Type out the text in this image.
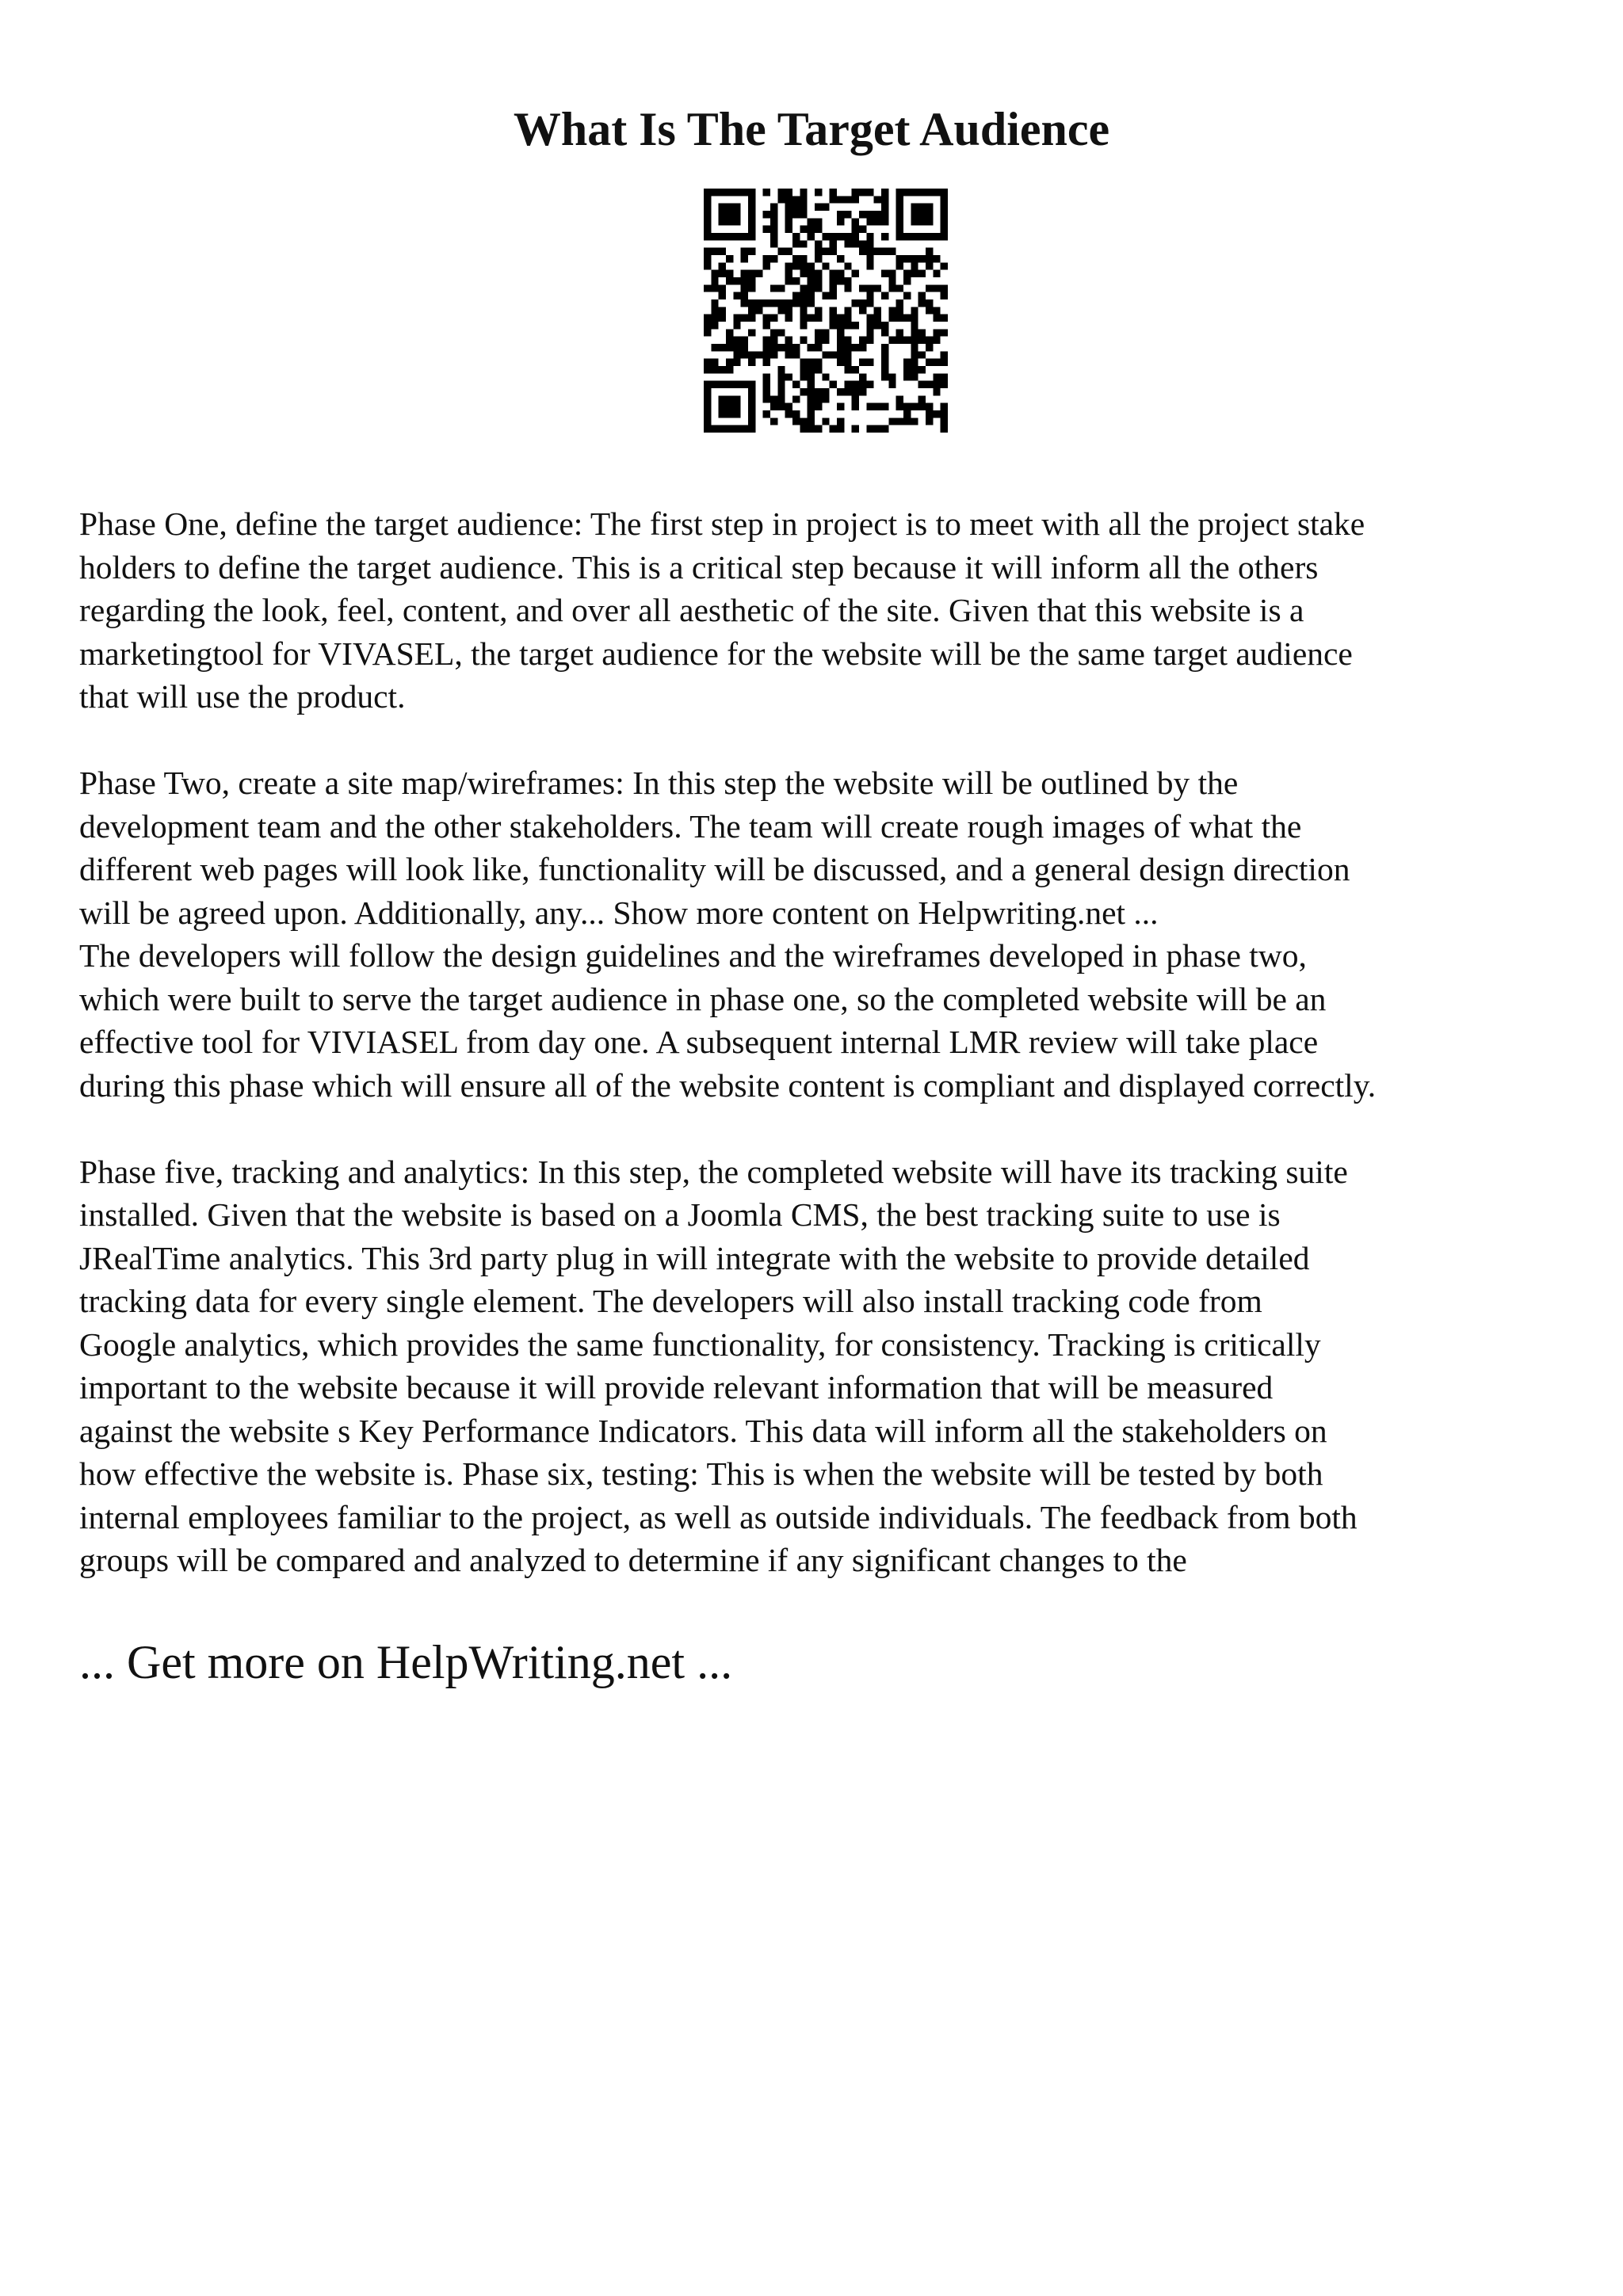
What Is The Target Audience

Phase One, define the target audience: The first step in project is to meet with all the project stake
holders to define the target audience. This is a critical step because it will inform all the others
regarding the look, feel, content, and over all aesthetic of the site. Given that this website is a
marketingtool for VIVASEL, the target audience for the website will be the same target audience
that will use the product.

Phase Two, create a site map/wireframes: In this step the website will be outlined by the
development team and the other stakeholders. The team will create rough images of what the
different web pages will look like, functionality will be discussed, and a general design direction
will be agreed upon. Additionally, any... Show more content on Helpwriting.net ...

The developers will follow the design guidelines and the wireframes developed in phase two,
which were built to serve the target audience in phase one, so the completed website will be an
effective tool for VIVIASEL from day one. A subsequent internal LMR review will take place
during this phase which will ensure all of the website content is compliant and displayed correctly.

Phase five, tracking and analytics: In this step, the completed website will have its tracking suite
installed. Given that the website is based on a Joomla CMS, the best tracking suite to use is
JRealTime analytics. This 3rd party plug in will integrate with the website to provide detailed
tracking data for every single element. The developers will also install tracking code from
Google analytics, which provides the same functionality, for consistency. Tracking is critically
important to the website because it will provide relevant information that will be measured
against the website s Key Performance Indicators. This data will inform all the stakeholders on
how effective the website is. Phase six, testing: This is when the website will be tested by both
internal employees familiar to the project, as well as outside individuals. The feedback from both
groups will be compared and analyzed to determine if any significant changes to the

... Get more on HelpWriting.net ...
